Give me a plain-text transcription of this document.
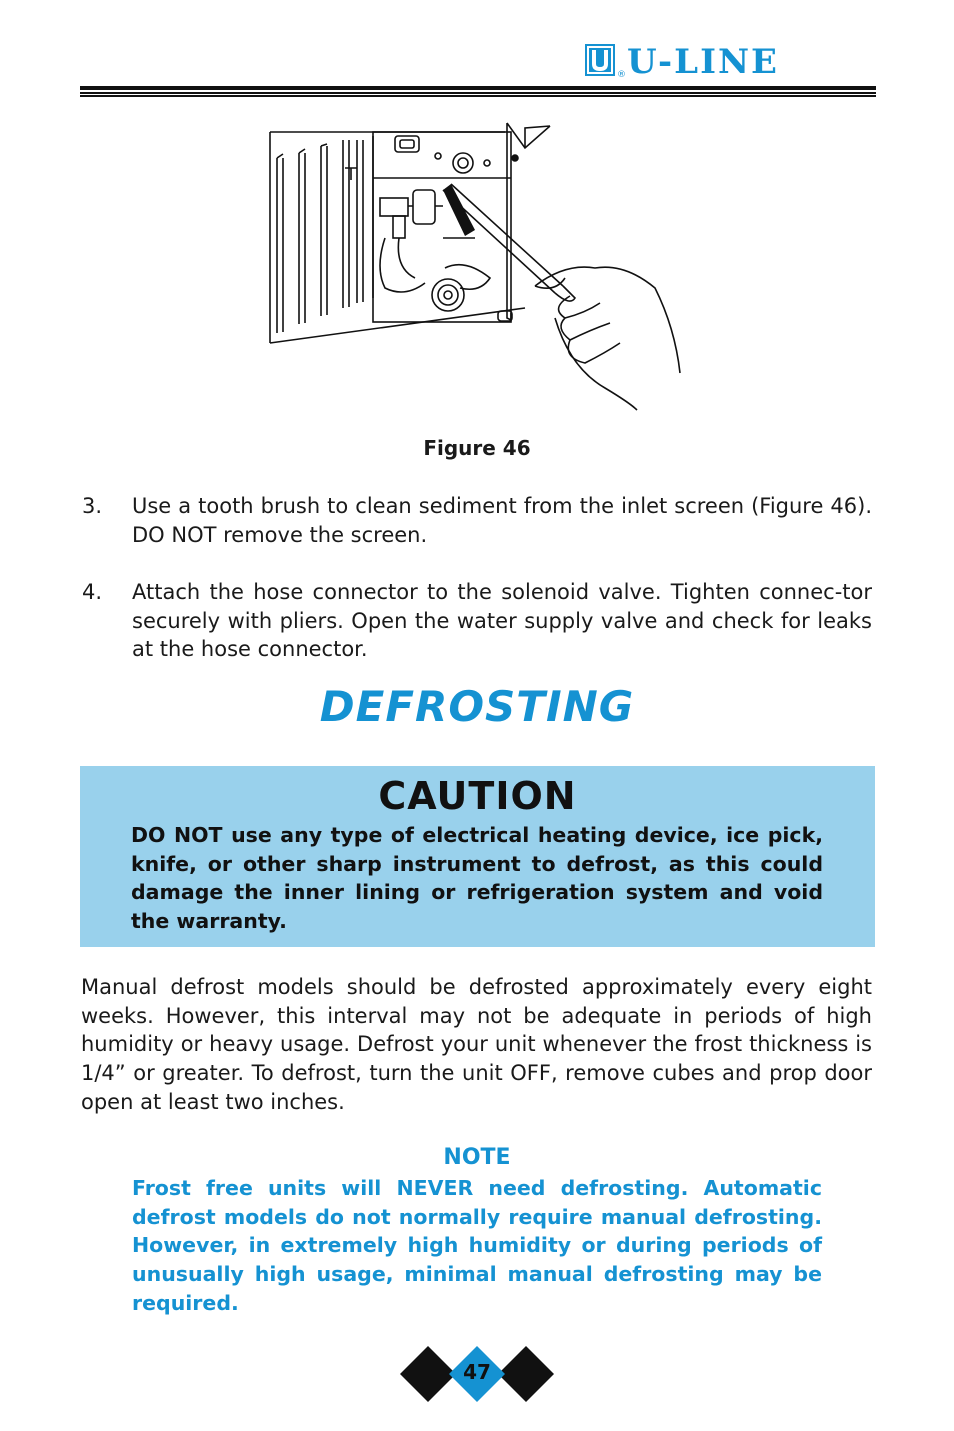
® U-LINE
Figure 46
3. Use a tooth brush to clean sediment from the inlet screen (Figure 46). DO NOT remove the screen.
4. Attach the hose connector to the solenoid valve. Tighten connec-tor securely with pliers. Open the water supply valve and check for leaks at the hose connector.
DEFROSTING
CAUTION
DO NOT use any type of electrical heating device, ice pick, knife, or other sharp instrument to defrost, as this could damage the inner lining or refrigeration system and void the warranty.
Manual defrost models should be defrosted approximately every eight weeks. However, this interval may not be adequate in periods of high humidity or heavy usage. Defrost your unit whenever the frost thickness is 1/4” or greater. To defrost, turn the unit OFF, remove cubes and prop door open at least two inches.
NOTE
Frost free units will NEVER need defrosting. Automatic defrost models do not normally require manual defrosting. However, in extremely high humidity or during periods of unusually high usage, minimal manual defrosting may be required.
47
